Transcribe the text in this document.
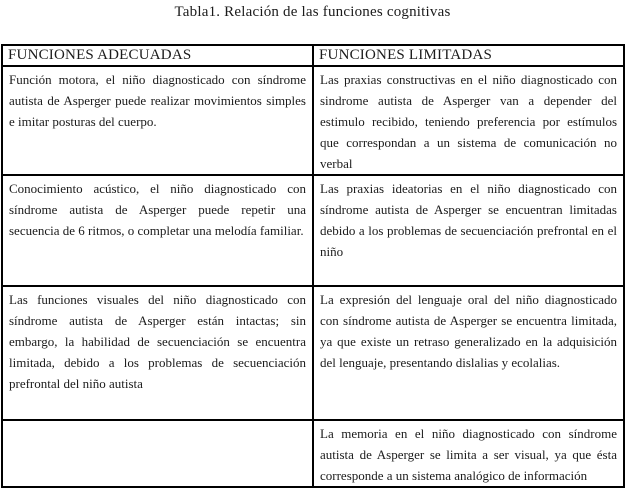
Tabla1. Relación de las funciones cognitivas
FUNCIONES ADECUADAS	FUNCIONES LIMITADAS
Función motora, el niño diagnosticado con síndrome autista de Asperger puede realizar movimientos simples e imitar posturas del cuerpo.	Las praxias constructivas en el niño diagnosticado con sindrome autista de Asperger van a depender del estimulo recibido, teniendo preferencia por estímulos que correspondan a un sistema de comunicación no verbal
Conocimiento acústico, el niño diagnosticado con síndrome autista de Asperger puede repetir una secuencia de 6 ritmos, o completar una melodía familiar.	Las praxias ideatorias en el niño diagnosticado con síndrome autista de Asperger se encuentran limitadas debido a los problemas de secuenciación prefrontal en el niño
Las funciones visuales del niño diagnosticado con síndrome autista de Asperger están intactas; sin embargo, la habilidad de secuenciación se encuentra limitada, debido a los problemas de secuenciación prefrontal del niño autista	La expresión del lenguaje oral del niño diagnosticado con síndrome autista de Asperger se encuentra limitada, ya que existe un retraso generalizado en la adquisición del lenguaje, presentando dislalias y ecolalias.
	La memoria en el niño diagnosticado con síndrome autista de Asperger se limita a ser visual, ya que ésta corresponde a un sistema analógico de información
